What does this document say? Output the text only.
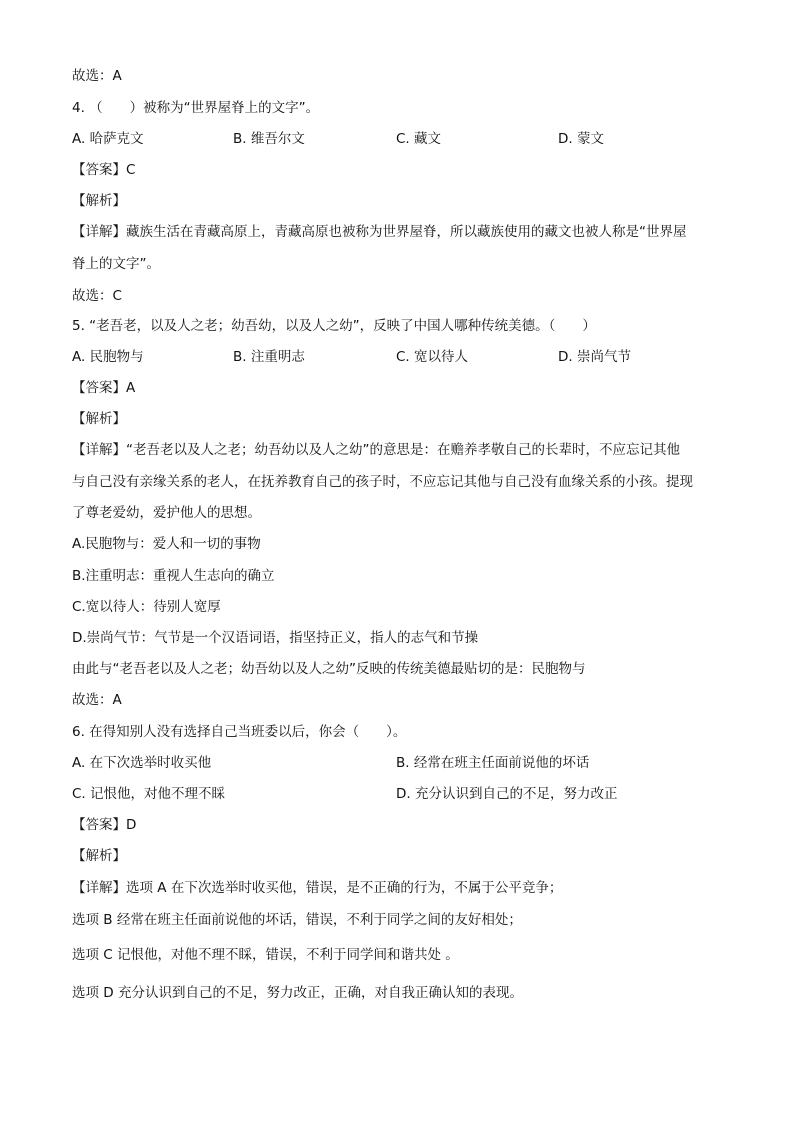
故选：A
4. （　　）被称为“世界屋脊上的文字”。
A. 哈萨克文	B. 维吾尔文	C. 藏文	D. 蒙文
【答案】C
【解析】
【详解】藏族生活在青藏高原上，青藏高原也被称为世界屋脊，所以藏族使用的藏文也被人称是“世界屋
脊上的文字”。
故选：C
5. “老吾老，以及人之老；幼吾幼，以及人之幼”，反映了中国人哪种传统美德。（　　）
A. 民胞物与	B. 注重明志	C. 宽以待人	D. 崇尚气节
【答案】A
【解析】
【详解】“老吾老以及人之老；幼吾幼以及人之幼”的意思是：在赡养孝敬自己的长辈时，不应忘记其他
与自己没有亲缘关系的老人，在抚养教育自己的孩子时，不应忘记其他与自己没有血缘关系的小孩。提现
了尊老爱幼，爱护他人的思想。
A.民胞物与：爱人和一切的事物
B.注重明志：重视人生志向的确立
C.宽以待人：待别人宽厚
D.崇尚气节：气节是一个汉语词语，指坚持正义，指人的志气和节操
由此与“老吾老以及人之老；幼吾幼以及人之幼”反映的传统美德最贴切的是：民胞物与
故选：A
6. 在得知别人没有选择自己当班委以后，你会（　　）。
A. 在下次选举时收买他	B. 经常在班主任面前说他的坏话
C. 记恨他，对他不理不睬	D. 充分认识到自己的不足，努力改正
【答案】D
【解析】
【详解】选项 A 在下次选举时收买他，错误，是不正确的行为，不属于公平竞争；
选项 B 经常在班主任面前说他的坏话，错误，不利于同学之间的友好相处；
选项 C 记恨他，对他不理不睬，错误，不利于同学间和谐共处 。
选项 D 充分认识到自己的不足，努力改正，正确，对自我正确认知的表现。
